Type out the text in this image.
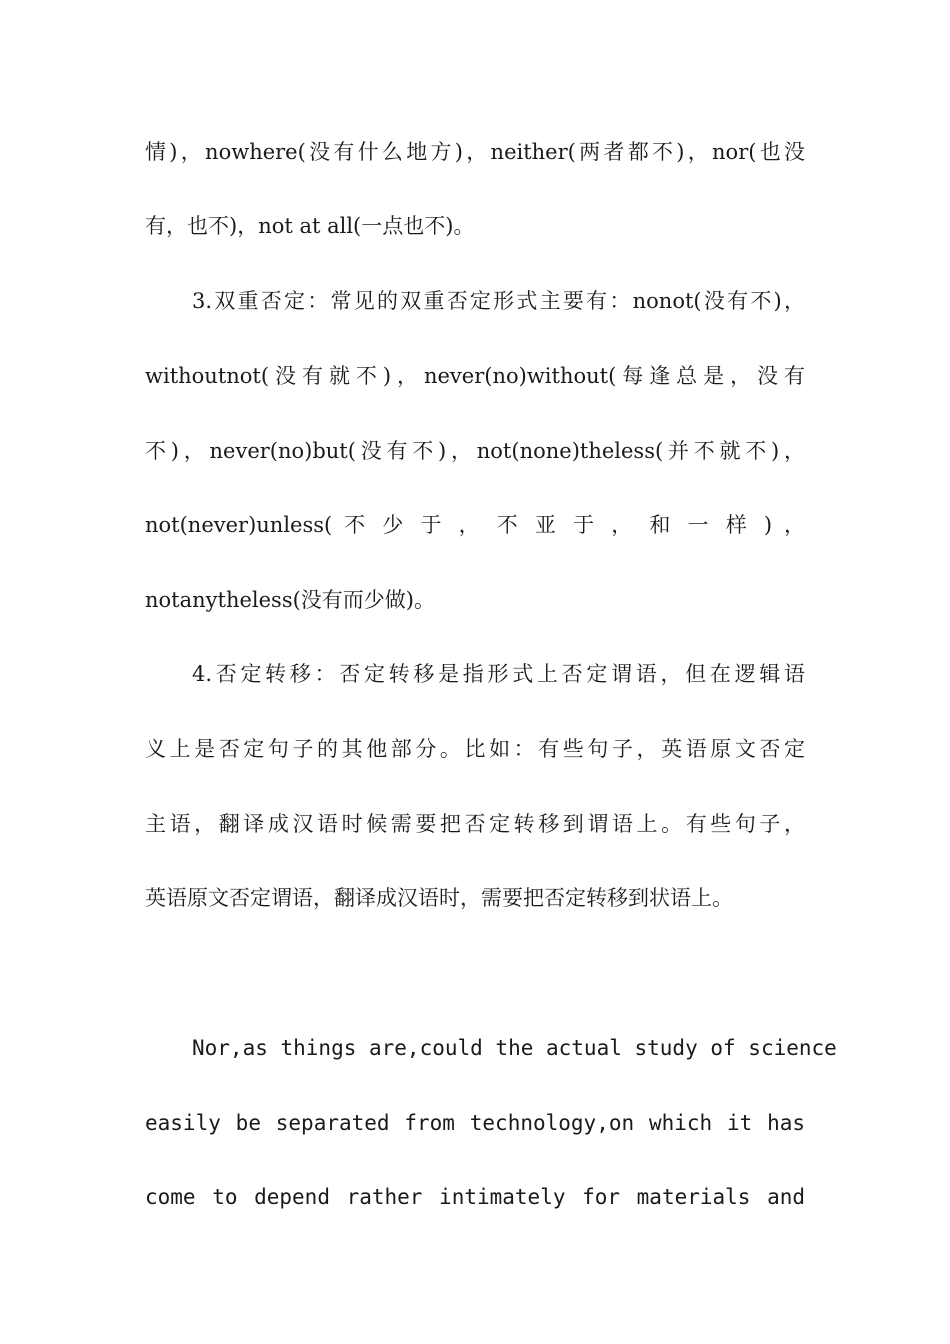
情)，nowhere(没有什么地方)，neither(两者都不)，nor(也没
有，也不)，not at all(一点也不)。
3.双重否定：常见的双重否定形式主要有：nonot(没有不)，
withoutnot(没有就不)，never(no)without(每逢总是，没有
不)，never(no)but(没有不)，not(none)theless(并不就不)，
not(never)unless( 不 少 于 ， 不 亚 于 ， 和 一 样 ) ，
notanytheless(没有而少做)。
4.否定转移：否定转移是指形式上否定谓语，但在逻辑语
义上是否定句子的其他部分。比如：有些句子，英语原文否定
主语，翻译成汉语时候需要把否定转移到谓语上。有些句子，
英语原文否定谓语，翻译成汉语时，需要把否定转移到状语上。
Nor,as things are,could the actual study of science
easily be separated from technology,on which it has
come to depend rather intimately for materials and
